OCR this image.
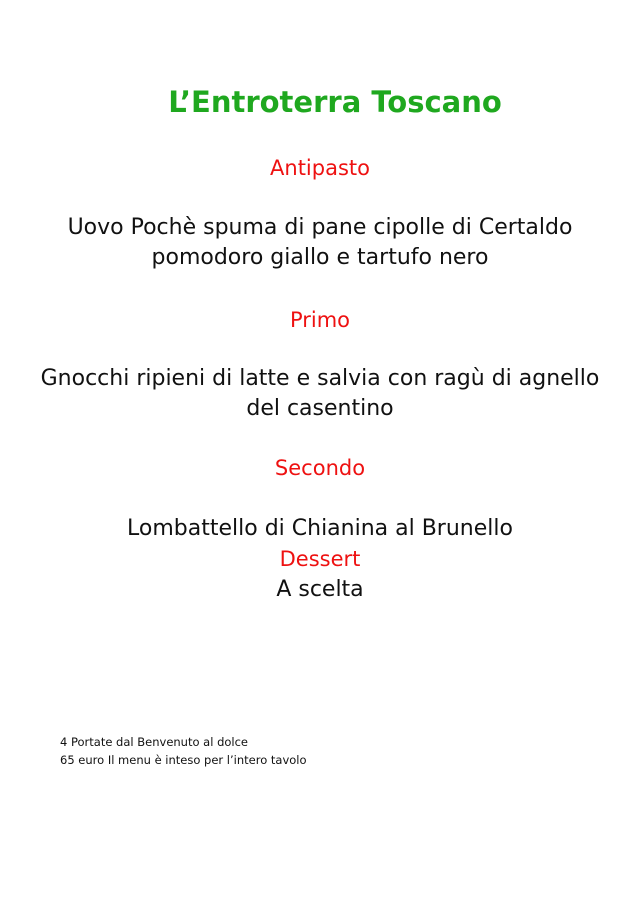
L’Entroterra Toscano
Antipasto
Uovo Pochè spuma di pane cipolle di Certaldo
pomodoro giallo e tartufo nero
Primo
Gnocchi ripieni di latte e salvia con ragù di agnello
del casentino
Secondo
Lombattello di Chianina al Brunello
Dessert
A scelta
4 Portate dal Benvenuto al dolce
65 euro Il menu è inteso per l’intero tavolo
